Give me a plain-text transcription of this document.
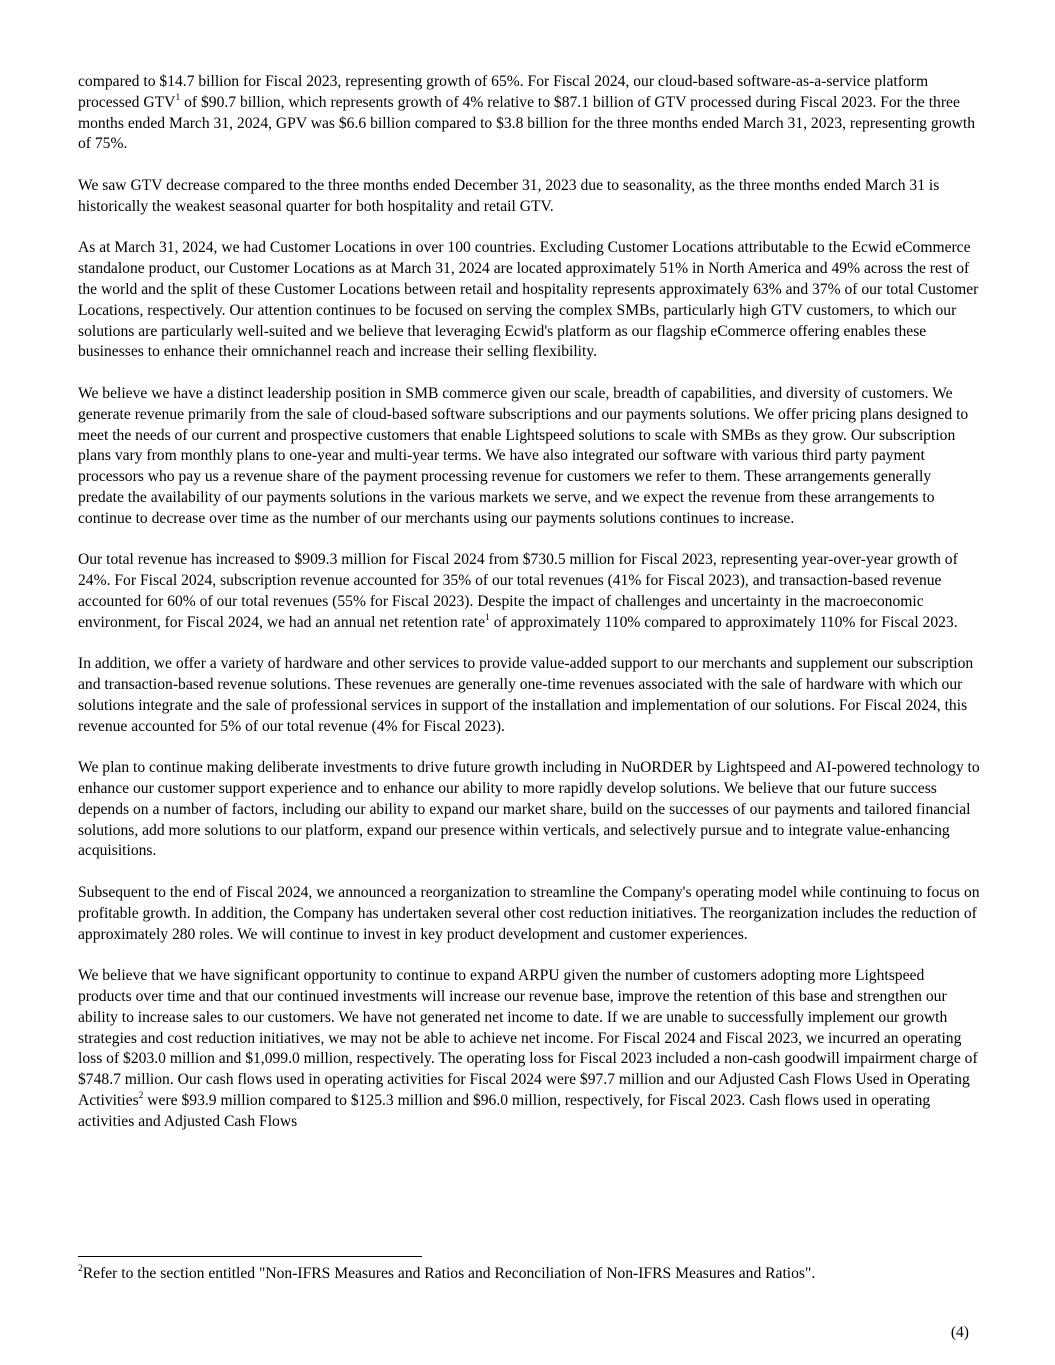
compared to $14.7 billion for Fiscal 2023, representing growth of 65%. For Fiscal 2024, our cloud-based software-as-a-service platform processed GTV$^1$ of $90.7 billion, which represents growth of 4% relative to $87.1 billion of GTV processed during Fiscal 2023. For the three months ended March 31, 2024, GPV was $6.6 billion compared to $3.8 billion for the three months ended March 31, 2023, representing growth of 75%.

We saw GTV decrease compared to the three months ended December 31, 2023 due to seasonality, as the three months ended March 31 is historically the weakest seasonal quarter for both hospitality and retail GTV.

As at March 31, 2024, we had Customer Locations in over 100 countries. Excluding Customer Locations attributable to the Ecwid eCommerce standalone product, our Customer Locations as at March 31, 2024 are located approximately 51% in North America and 49% across the rest of the world and the split of these Customer Locations between retail and hospitality represents approximately 63% and 37% of our total Customer Locations, respectively. Our attention continues to be focused on serving the complex SMBs, particularly high GTV customers, to which our solutions are particularly well-suited and we believe that leveraging Ecwid's platform as our flagship eCommerce offering enables these businesses to enhance their omnichannel reach and increase their selling flexibility.

We believe we have a distinct leadership position in SMB commerce given our scale, breadth of capabilities, and diversity of customers. We generate revenue primarily from the sale of cloud-based software subscriptions and our payments solutions. We offer pricing plans designed to meet the needs of our current and prospective customers that enable Lightspeed solutions to scale with SMBs as they grow. Our subscription plans vary from monthly plans to one-year and multi-year terms. We have also integrated our software with various third party payment processors who pay us a revenue share of the payment processing revenue for customers we refer to them. These arrangements generally predate the availability of our payments solutions in the various markets we serve, and we expect the revenue from these arrangements to continue to decrease over time as the number of our merchants using our payments solutions continues to increase.

Our total revenue has increased to $909.3 million for Fiscal 2024 from $730.5 million for Fiscal 2023, representing year-over-year growth of 24%. For Fiscal 2024, subscription revenue accounted for 35% of our total revenues (41% for Fiscal 2023), and transaction-based revenue accounted for 60% of our total revenues (55% for Fiscal 2023). Despite the impact of challenges and uncertainty in the macroeconomic environment, for Fiscal 2024, we had an annual net retention rate$^1$ of approximately 110% compared to approximately 110% for Fiscal 2023.

In addition, we offer a variety of hardware and other services to provide value-added support to our merchants and supplement our subscription and transaction-based revenue solutions. These revenues are generally one-time revenues associated with the sale of hardware with which our solutions integrate and the sale of professional services in support of the installation and implementation of our solutions. For Fiscal 2024, this revenue accounted for 5% of our total revenue (4% for Fiscal 2023).

We plan to continue making deliberate investments to drive future growth including in NuORDER by Lightspeed and AI-powered technology to enhance our customer support experience and to enhance our ability to more rapidly develop solutions. We believe that our future success depends on a number of factors, including our ability to expand our market share, build on the successes of our payments and tailored financial solutions, add more solutions to our platform, expand our presence within verticals, and selectively pursue and to integrate value-enhancing acquisitions.

Subsequent to the end of Fiscal 2024, we announced a reorganization to streamline the Company's operating model while continuing to focus on profitable growth. In addition, the Company has undertaken several other cost reduction initiatives. The reorganization includes the reduction of approximately 280 roles. We will continue to invest in key product development and customer experiences.

We believe that we have significant opportunity to continue to expand ARPU given the number of customers adopting more Lightspeed products over time and that our continued investments will increase our revenue base, improve the retention of this base and strengthen our ability to increase sales to our customers. We have not generated net income to date. If we are unable to successfully implement our growth strategies and cost reduction initiatives, we may not be able to achieve net income. For Fiscal 2024 and Fiscal 2023, we incurred an operating loss of $203.0 million and $1,099.0 million, respectively. The operating loss for Fiscal 2023 included a non-cash goodwill impairment charge of $748.7 million. Our cash flows used in operating activities for Fiscal 2024 were $97.7 million and our Adjusted Cash Flows Used in Operating Activities$^2$ were $93.9 million compared to $125.3 million and $96.0 million, respectively, for Fiscal 2023. Cash flows used in operating activities and Adjusted Cash Flows

$^2$Refer to the section entitled "Non-IFRS Measures and Ratios and Reconciliation of Non-IFRS Measures and Ratios".
(4)
